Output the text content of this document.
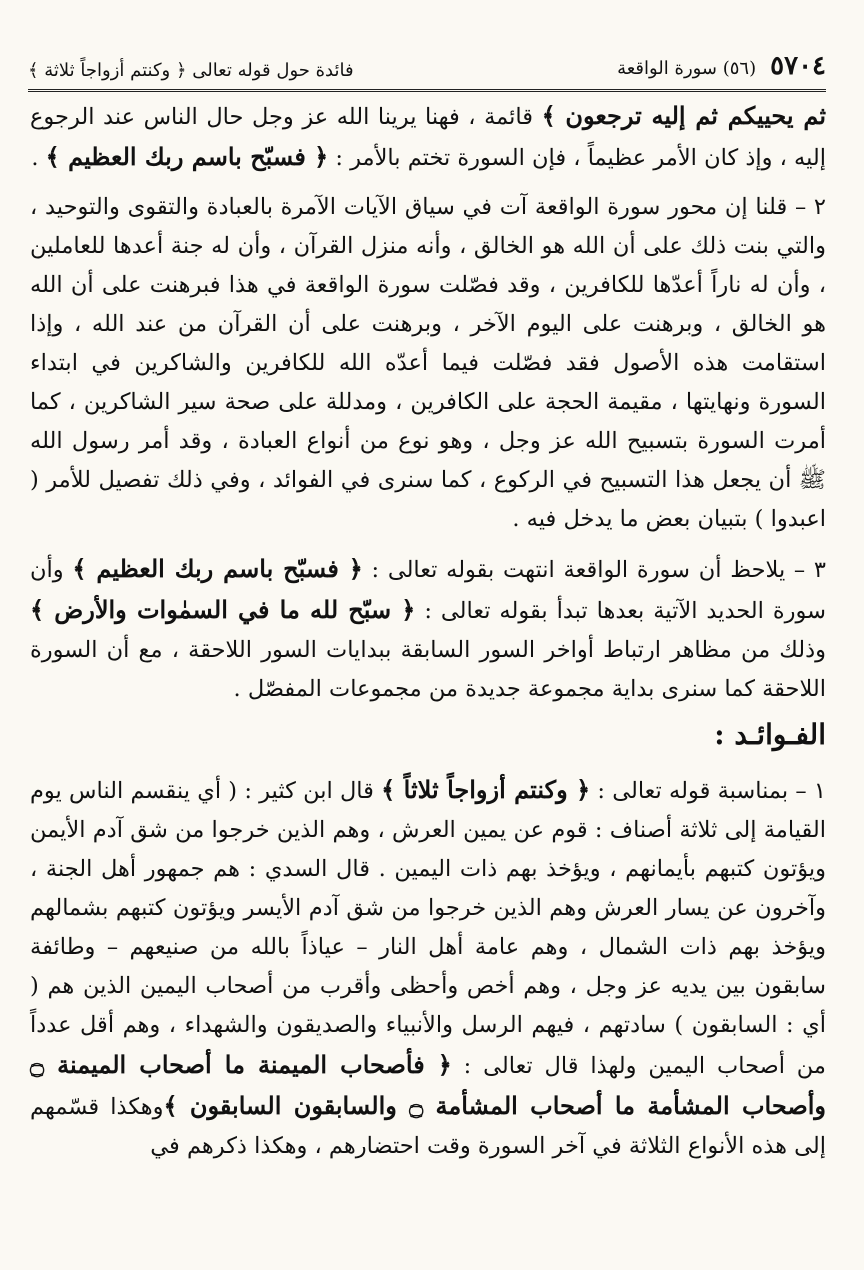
٥٧٠٤
(٥٦) سورة الواقعة
فائدة حول قوله تعالى ﴿ وكنتم أزواجاً ثلاثة ﴾

ثم يحييكم ثم إليه ترجعون ﴾ قائمة ، فهنا يرينا الله عز وجل حال الناس عند الرجوع إليه ، وإذ كان الأمر عظيماً ، فإن السورة تختم بالأمر : ﴿ فسبّح باسم ربك العظيم ﴾ .

٢ – قلنا إن محور سورة الواقعة آت في سياق الآيات الآمرة بالعبادة والتقوى والتوحيد ، والتي بنت ذلك على أن الله هو الخالق ، وأنه منزل القرآن ، وأن له جنة أعدها للعاملين ، وأن له ناراً أعدّها للكافرين ، وقد فصّلت سورة الواقعة في هذا فبرهنت على أن الله هو الخالق ، وبرهنت على اليوم الآخر ، وبرهنت على أن القرآن من عند الله ، وإذا استقامت هذه الأصول فقد فصّلت فيما أعدّه الله للكافرين والشاكرين في ابتداء السورة ونهايتها ، مقيمة الحجة على الكافرين ، ومدللة على صحة سير الشاكرين ، كما أمرت السورة بتسبيح الله عز وجل ، وهو نوع من أنواع العبادة ، وقد أمر رسول الله ﷺ أن يجعل هذا التسبيح في الركوع ، كما سنرى في الفوائد ، وفي ذلك تفصيل للأمر ( اعبدوا ) بتبيان بعض ما يدخل فيه .

٣ – يلاحظ أن سورة الواقعة انتهت بقوله تعالى : ﴿ فسبّح باسم ربك العظيم ﴾ وأن سورة الحديد الآتية بعدها تبدأ بقوله تعالى : ﴿ سبّح لله ما في السمٰوات والأرض ﴾ وذلك من مظاهر ارتباط أواخر السور السابقة ببدايات السور اللاحقة ، مع أن السورة اللاحقة كما سنرى بداية مجموعة جديدة من مجموعات المفصّل .

الفـوائـد :

١ – بمناسبة قوله تعالى : ﴿ وكنتم أزواجاً ثلاثاً ﴾ قال ابن كثير : ( أي ينقسم الناس يوم القيامة إلى ثلاثة أصناف : قوم عن يمين العرش ، وهم الذين خرجوا من شق آدم الأيمن ويؤتون كتبهم بأيمانهم ، ويؤخذ بهم ذات اليمين . قال السدي : هم جمهور أهل الجنة ، وآخرون عن يسار العرش وهم الذين خرجوا من شق آدم الأيسر ويؤتون كتبهم بشمالهم ويؤخذ بهم ذات الشمال ، وهم عامة أهل النار – عياذاً بالله من صنيعهم – وطائفة سابقون بين يديه عز وجل ، وهم أخص وأحظى وأقرب من أصحاب اليمين الذين هم ( أي : السابقون ) سادتهم ، فيهم الرسل والأنبياء والصديقون والشهداء ، وهم أقل عدداً من أصحاب اليمين ولهذا قال تعالى : ﴿ فأصحاب الميمنة ما أصحاب الميمنة ۝ وأصحاب المشأمة ما أصحاب المشأمة ۝ والسابقون السابقون ﴾وهكذا قسّمهم إلى هذه الأنواع الثلاثة في آخر السورة وقت احتضارهم ، وهكذا ذكرهم في
